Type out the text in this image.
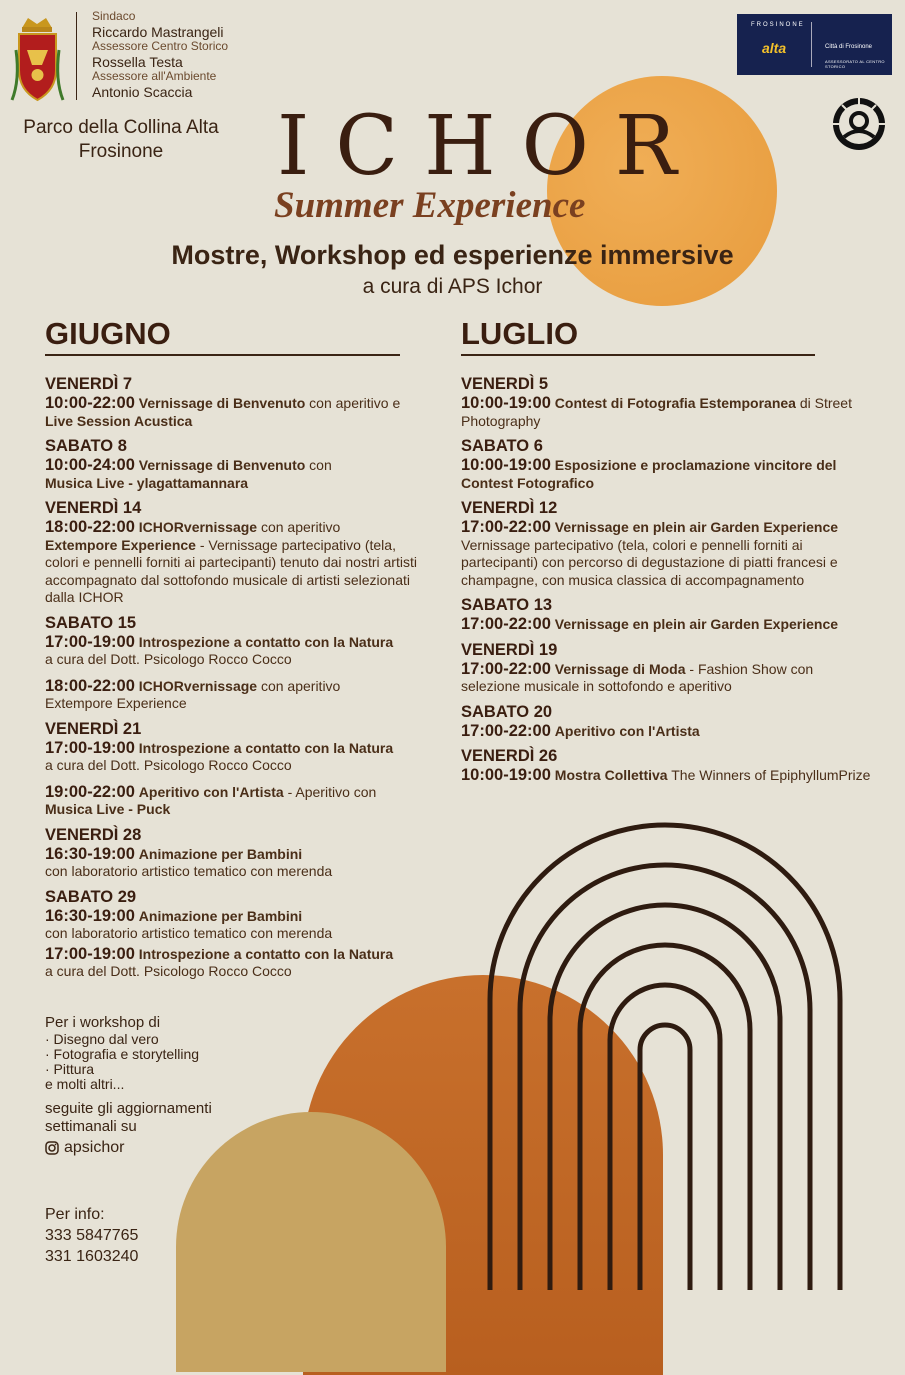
Sindaco
Riccardo Mastrangeli
Assessore Centro Storico
Rossella Testa
Assessore all'Ambiente
Antonio Scaccia
Parco della Collina Alta
Frosinone
FROSINONE
alta	Città di Frosinone
ASSESSORATO AL CENTRO STORICO
ICHOR
Summer Experience
Mostre, Workshop ed esperienze immersive
a cura di APS Ichor
GIUGNO	LUGLIO
VENERDÌ 7
10:00-22:00 Vernissage di Benvenuto con aperitivo e
Live Session Acustica
SABATO 8
10:00-24:00 Vernissage di Benvenuto con
Musica Live - ylagattamannara
VENERDÌ 14
18:00-22:00 ICHORvernissage con aperitivo
Extempore Experience - Vernissage partecipativo (tela, colori e pennelli forniti ai partecipanti) tenuto dai nostri artisti accompagnato dal sottofondo musicale di artisti selezionati dalla ICHOR
SABATO 15
17:00-19:00 Introspezione a contatto con la Natura
a cura del Dott. Psicologo Rocco Cocco
18:00-22:00 ICHORvernissage con aperitivo
Extempore Experience
VENERDÌ 21
17:00-19:00 Introspezione a contatto con la Natura
a cura del Dott. Psicologo Rocco Cocco
19:00-22:00 Aperitivo con l'Artista - Aperitivo con
Musica Live - Puck
VENERDÌ 28
16:30-19:00 Animazione per Bambini
con laboratorio artistico tematico con merenda
SABATO 29
16:30-19:00 Animazione per Bambini
con laboratorio artistico tematico con merenda
17:00-19:00 Introspezione a contatto con la Natura
a cura del Dott. Psicologo Rocco Cocco
VENERDÌ 5
10:00-19:00 Contest di Fotografia Estemporanea di Street Photography
SABATO 6
10:00-19:00 Esposizione e proclamazione vincitore del Contest Fotografico
VENERDÌ 12
17:00-22:00 Vernissage en plein air Garden Experience
Vernissage partecipativo (tela, colori e pennelli forniti ai partecipanti) con percorso di degustazione di piatti francesi e champagne, con musica classica di accompagnamento
SABATO 13
17:00-22:00 Vernissage en plein air Garden Experience
VENERDÌ 19
17:00-22:00 Vernissage di Moda - Fashion Show con selezione musicale in sottofondo e aperitivo
SABATO 20
17:00-22:00 Aperitivo con l'Artista
VENERDÌ 26
10:00-19:00 Mostra Collettiva The Winners of EpiphyllumPrize
Per i workshop di
· Disegno dal vero
· Fotografia e storytelling
· Pittura
e molti altri...
seguite gli aggiornamenti settimanali su
apsichor
Per info:
333 5847765
331 1603240
